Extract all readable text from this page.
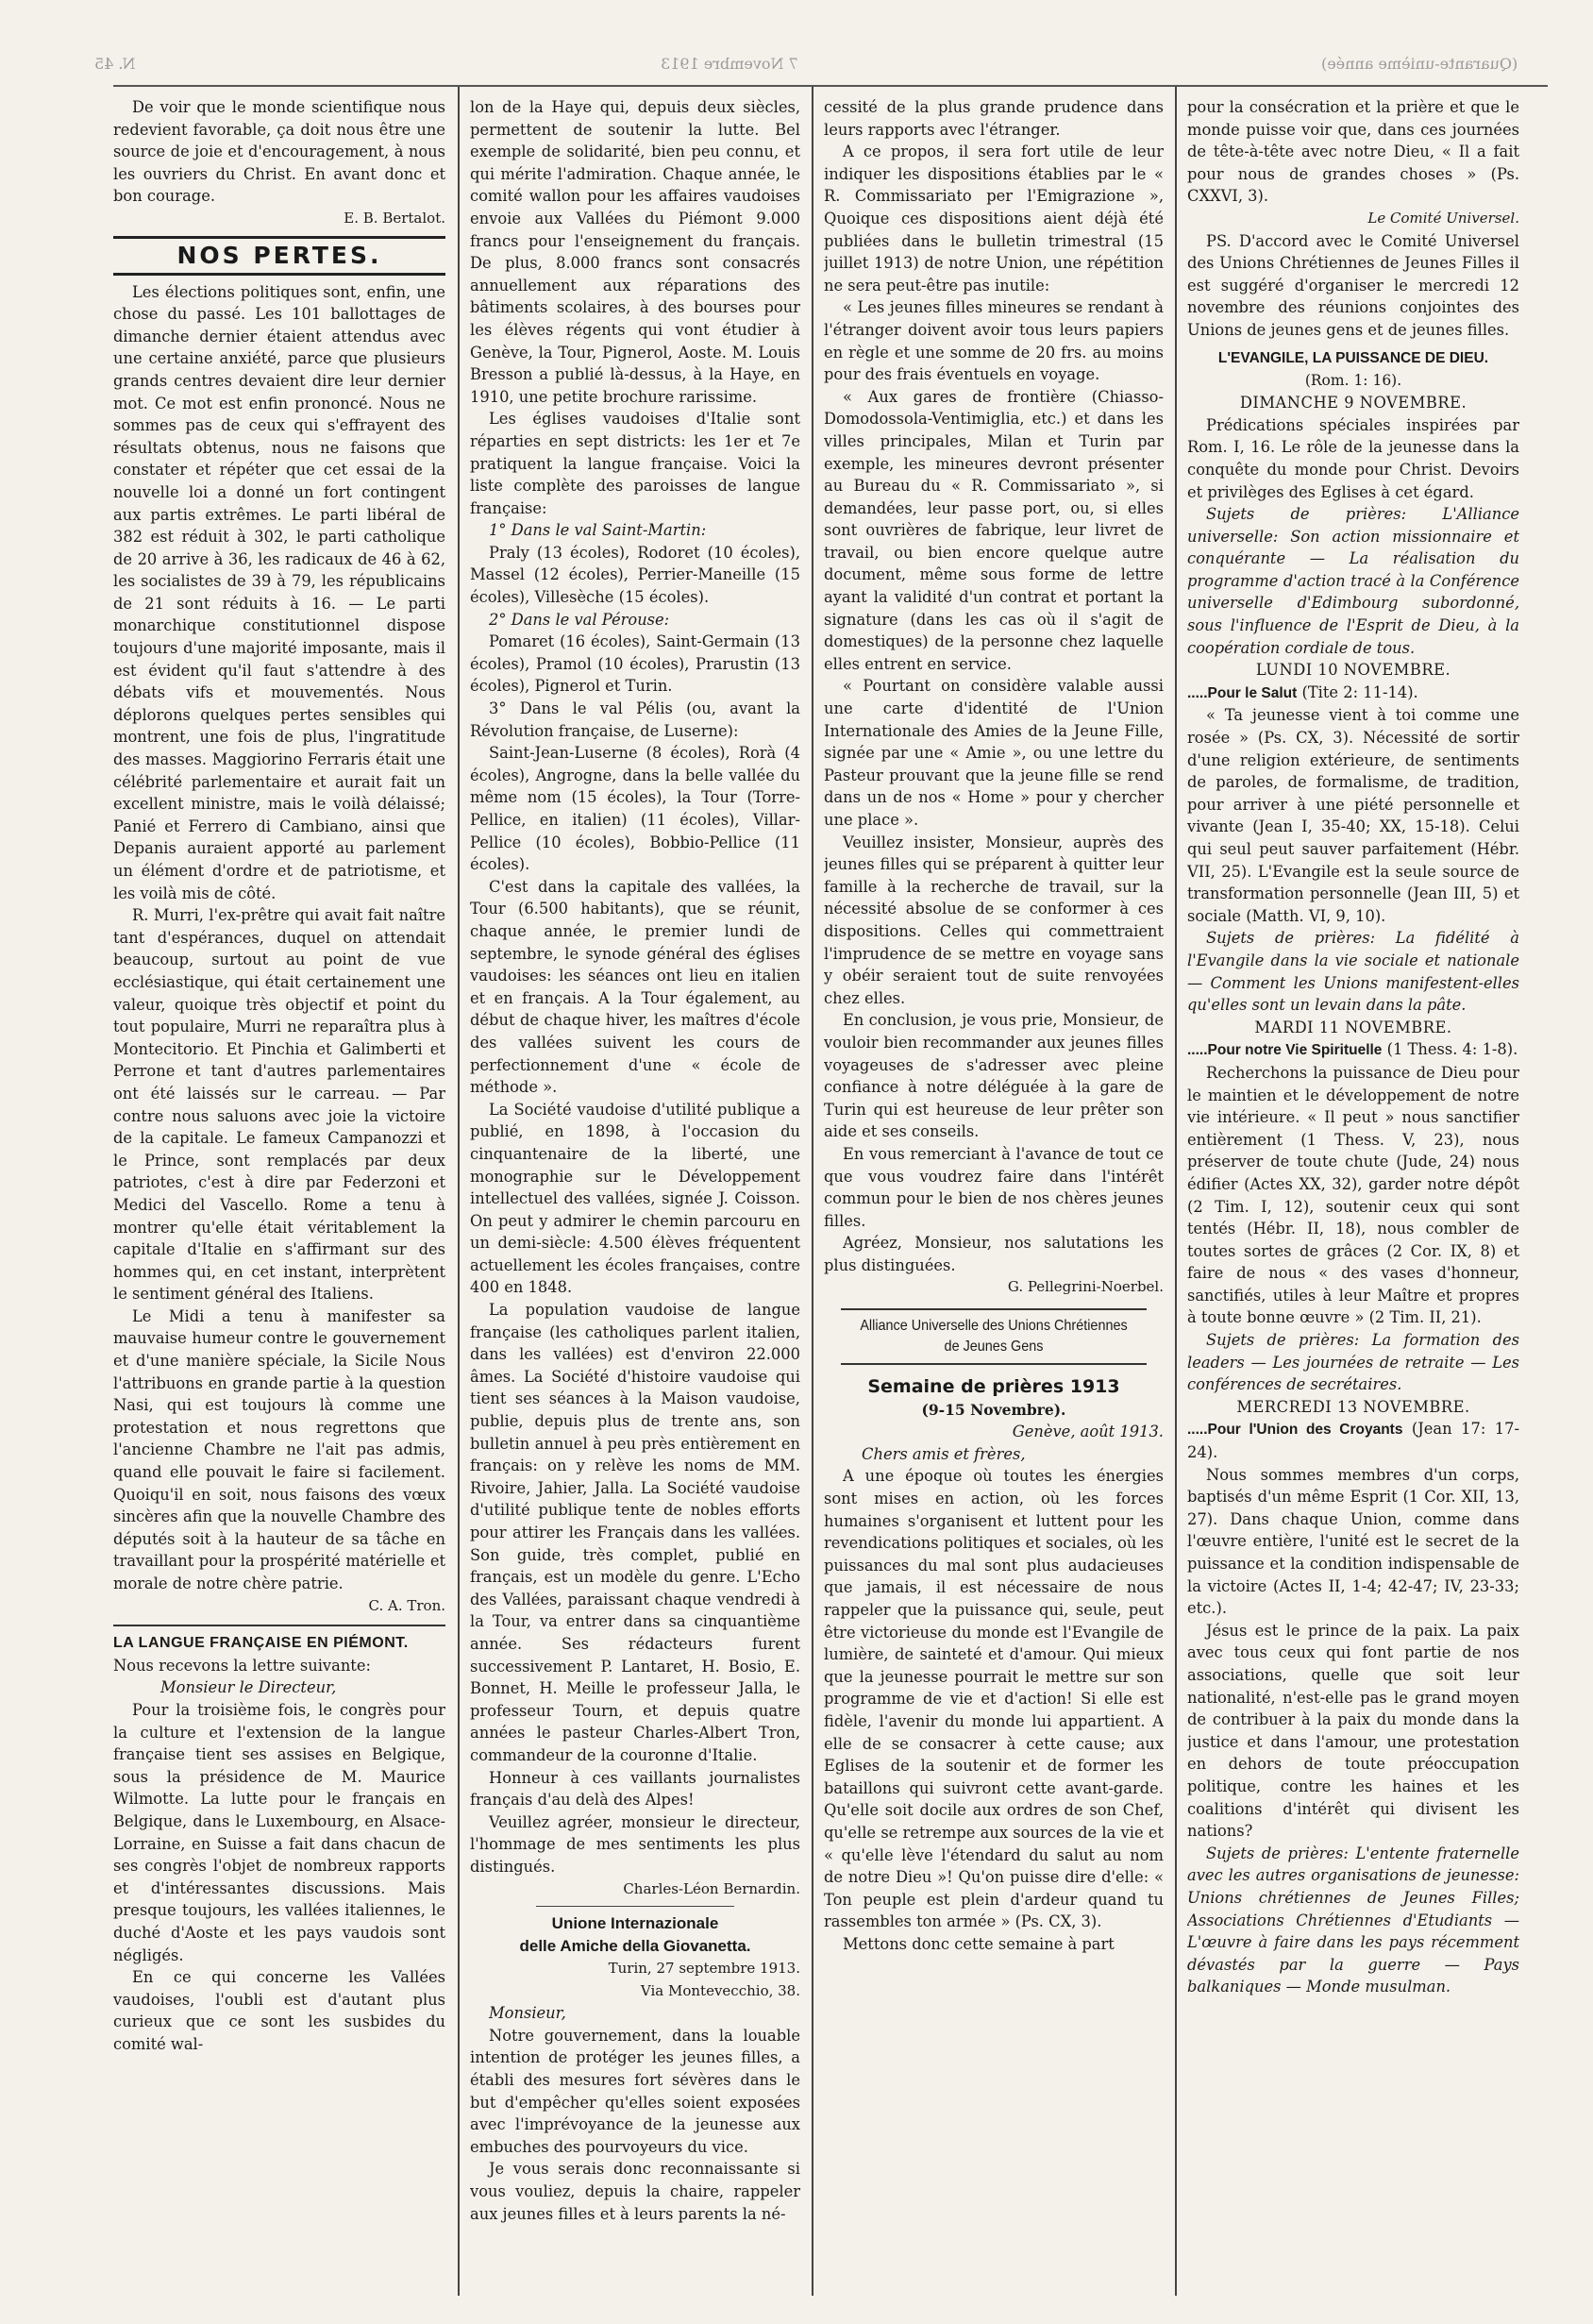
N. 45	7 Novembre 1913	(Quarante-unième année)

De voir que le monde scientifique nous redevient favorable, ça doit nous être une source de joie et d'encouragement, à nous les ouvriers du Christ. En avant donc et bon courage.

E. B. Bertalot.

NOS PERTES.

Les élections politiques sont, enfin, une chose du passé. Les 101 ballottages de dimanche dernier étaient attendus avec une certaine anxiété, parce que plusieurs grands centres devaient dire leur dernier mot. Ce mot est enfin prononcé. Nous ne sommes pas de ceux qui s'effrayent des résultats obtenus, nous ne faisons que constater et répéter que cet essai de la nouvelle loi a donné un fort contingent aux partis extrêmes. Le parti libéral de 382 est réduit à 302, le parti catholique de 20 arrive à 36, les radicaux de 46 à 62, les socialistes de 39 à 79, les républicains de 21 sont réduits à 16. — Le parti monarchique constitutionnel dispose toujours d'une majorité imposante, mais il est évident qu'il faut s'attendre à des débats vifs et mouvementés. Nous déplorons quelques pertes sensibles qui montrent, une fois de plus, l'ingratitude des masses. Maggiorino Ferraris était une célébrité parlementaire et aurait fait un excellent ministre, mais le voilà délaissé; Panié et Ferrero di Cambiano, ainsi que Depanis auraient apporté au parlement un élément d'ordre et de patriotisme, et les voilà mis de côté.

R. Murri, l'ex-prêtre qui avait fait naître tant d'espérances, duquel on attendait beaucoup, surtout au point de vue ecclésiastique, qui était certainement une valeur, quoique très objectif et point du tout populaire, Murri ne reparaîtra plus à Montecitorio. Et Pinchia et Galimberti et Perrone et tant d'autres parlementaires ont été laissés sur le carreau. — Par contre nous saluons avec joie la victoire de la capitale. Le fameux Campanozzi et le Prince, sont remplacés par deux patriotes, c'est à dire par Federzoni et Medici del Vascello. Rome a tenu à montrer qu'elle était véritablement la capitale d'Italie en s'affirmant sur des hommes qui, en cet instant, interprètent le sentiment général des Italiens.

Le Midi a tenu à manifester sa mauvaise humeur contre le gouvernement et d'une manière spéciale, la Sicile Nous l'attribuons en grande partie à la question Nasi, qui est toujours là comme une protestation et nous regrettons que l'ancienne Chambre ne l'ait pas admis, quand elle pouvait le faire si facilement. Quoiqu'il en soit, nous faisons des vœux sincères afin que la nouvelle Chambre des députés soit à la hauteur de sa tâche en travaillant pour la prospérité matérielle et morale de notre chère patrie.

C. A. Tron.

LA LANGUE FRANÇAISE EN PIÉMONT.

Nous recevons la lettre suivante:

Monsieur le Directeur,

Pour la troisième fois, le congrès pour la culture et l'extension de la langue française tient ses assises en Belgique, sous la présidence de M. Maurice Wilmotte. La lutte pour le français en Belgique, dans le Luxembourg, en Alsace-Lorraine, en Suisse a fait dans chacun de ses congrès l'objet de nombreux rapports et d'intéressantes discussions. Mais presque toujours, les vallées italiennes, le duché d'Aoste et les pays vaudois sont négligés.

En ce qui concerne les Vallées vaudoises, l'oubli est d'autant plus curieux que ce sont les susbides du comité wal-

lon de la Haye qui, depuis deux siècles, permettent de soutenir la lutte. Bel exemple de solidarité, bien peu connu, et qui mérite l'admiration. Chaque année, le comité wallon pour les affaires vaudoises envoie aux Vallées du Piémont 9.000 francs pour l'enseignement du français. De plus, 8.000 francs sont consacrés annuellement aux réparations des bâtiments scolaires, à des bourses pour les élèves régents qui vont étudier à Genève, la Tour, Pignerol, Aoste. M. Louis Bresson a publié là-dessus, à la Haye, en 1910, une petite brochure rarissime.

Les églises vaudoises d'Italie sont réparties en sept districts: les 1er et 7e pratiquent la langue française. Voici la liste complète des paroisses de langue française:

1° Dans le val Saint-Martin:

Praly (13 écoles), Rodoret (10 écoles), Massel (12 écoles), Perrier-Maneille (15 écoles), Villesèche (15 écoles).

2° Dans le val Pérouse:

Pomaret (16 écoles), Saint-Germain (13 écoles), Pramol (10 écoles), Prarustin (13 écoles), Pignerol et Turin.

3° Dans le val Pélis (ou, avant la Révolution française, de Luserne):

Saint-Jean-Luserne (8 écoles), Rorà (4 écoles), Angrogne, dans la belle vallée du même nom (15 écoles), la Tour (Torre-Pellice, en italien) (11 écoles), Villar-Pellice (10 écoles), Bobbio-Pellice (11 écoles).

C'est dans la capitale des vallées, la Tour (6.500 habitants), que se réunit, chaque année, le premier lundi de septembre, le synode général des églises vaudoises: les séances ont lieu en italien et en français. A la Tour également, au début de chaque hiver, les maîtres d'école des vallées suivent les cours de perfectionnement d'une « école de méthode ».

La Société vaudoise d'utilité publique a publié, en 1898, à l'occasion du cinquantenaire de la liberté, une monographie sur le Développement intellectuel des vallées, signée J. Coisson. On peut y admirer le chemin parcouru en un demi-siècle: 4.500 élèves fréquentent actuellement les écoles françaises, contre 400 en 1848.

La population vaudoise de langue française (les catholiques parlent italien, dans les vallées) est d'environ 22.000 âmes. La Société d'histoire vaudoise qui tient ses séances à la Maison vaudoise, publie, depuis plus de trente ans, son bulletin annuel à peu près entièrement en français: on y relève les noms de MM. Rivoire, Jahier, Jalla. La Société vaudoise d'utilité publique tente de nobles efforts pour attirer les Français dans les vallées. Son guide, très complet, publié en français, est un modèle du genre. L'Echo des Vallées, paraissant chaque vendredi à la Tour, va entrer dans sa cinquantième année. Ses rédacteurs furent successivement P. Lantaret, H. Bosio, E. Bonnet, H. Meille le professeur Jalla, le professeur Tourn, et depuis quatre années le pasteur Charles-Albert Tron, commandeur de la couronne d'Italie.

Honneur à ces vaillants journalistes français d'au delà des Alpes!

Veuillez agréer, monsieur le directeur, l'hommage de mes sentiments les plus distingués.

Charles-Léon Bernardin.

Unione Internazionale
delle Amiche della Giovanetta.

Turin, 27 septembre 1913.

Via Montevecchio, 38.

Monsieur,

Notre gouvernement, dans la louable intention de protéger les jeunes filles, a établi des mesures fort sévères dans le but d'empêcher qu'elles soient exposées avec l'imprévoyance de la jeunesse aux embuches des pourvoyeurs du vice.

Je vous serais donc reconnaissante si vous vouliez, depuis la chaire, rappeler aux jeunes filles et à leurs parents la né-

cessité de la plus grande prudence dans leurs rapports avec l'étranger.

A ce propos, il sera fort utile de leur indiquer les dispositions établies par le « R. Commissariato per l'Emigrazione », Quoique ces dispositions aient déjà été publiées dans le bulletin trimestral (15 juillet 1913) de notre Union, une répétition ne sera peut-être pas inutile:

« Les jeunes filles mineures se rendant à l'étranger doivent avoir tous leurs papiers en règle et une somme de 20 frs. au moins pour des frais éventuels en voyage.

« Aux gares de frontière (Chiasso-Domodossola-Ventimiglia, etc.) et dans les villes principales, Milan et Turin par exemple, les mineures devront présenter au Bureau du « R. Commissariato », si demandées, leur passe port, ou, si elles sont ouvrières de fabrique, leur livret de travail, ou bien encore quelque autre document, même sous forme de lettre ayant la validité d'un contrat et portant la signature (dans les cas où il s'agit de domestiques) de la personne chez laquelle elles entrent en service.

« Pourtant on considère valable aussi une carte d'identité de l'Union Internationale des Amies de la Jeune Fille, signée par une « Amie », ou une lettre du Pasteur prouvant que la jeune fille se rend dans un de nos « Home » pour y chercher une place ».

Veuillez insister, Monsieur, auprès des jeunes filles qui se préparent à quitter leur famille à la recherche de travail, sur la nécessité absolue de se conformer à ces dispositions. Celles qui commettraient l'imprudence de se mettre en voyage sans y obéir seraient tout de suite renvoyées chez elles.

En conclusion, je vous prie, Monsieur, de vouloir bien recommander aux jeunes filles voyageuses de s'adresser avec pleine confiance à notre déléguée à la gare de Turin qui est heureuse de leur prêter son aide et ses conseils.

En vous remerciant à l'avance de tout ce que vous voudrez faire dans l'intérêt commun pour le bien de nos chères jeunes filles.

Agréez, Monsieur, nos salutations les plus distinguées.

G. Pellegrini-Noerbel.

Alliance Universelle des Unions Chrétiennes
de Jeunes Gens
Semaine de prières 1913

(9-15 Novembre).

Genève, août 1913.

Chers amis et frères,

A une époque où toutes les énergies sont mises en action, où les forces humaines s'organisent et luttent pour les revendications politiques et sociales, où les puissances du mal sont plus audacieuses que jamais, il est nécessaire de nous rappeler que la puissance qui, seule, peut être victorieuse du monde est l'Evangile de lumière, de sainteté et d'amour. Qui mieux que la jeunesse pourrait le mettre sur son programme de vie et d'action! Si elle est fidèle, l'avenir du monde lui appartient. A elle de se consacrer à cette cause; aux Eglises de la soutenir et de former les bataillons qui suivront cette avant-garde. Qu'elle soit docile aux ordres de son Chef, qu'elle se retrempe aux sources de la vie et « qu'elle lève l'étendard du salut au nom de notre Dieu »! Qu'on puisse dire d'elle: « Ton peuple est plein d'ardeur quand tu rassembles ton armée » (Ps. CX, 3).

Mettons donc cette semaine à part

pour la consécration et la prière et que le monde puisse voir que, dans ces journées de tête-à-tête avec notre Dieu, « Il a fait pour nous de grandes choses » (Ps. CXXVI, 3).

Le Comité Universel.

PS. D'accord avec le Comité Universel des Unions Chrétiennes de Jeunes Filles il est suggéré d'organiser le mercredi 12 novembre des réunions conjointes des Unions de jeunes gens et de jeunes filles.

L'EVANGILE, LA PUISSANCE DE DIEU.

(Rom. 1: 16).

DIMANCHE 9 NOVEMBRE.

Prédications spéciales inspirées par Rom. I, 16. Le rôle de la jeunesse dans la conquête du monde pour Christ. Devoirs et privilèges des Eglises à cet égard.

Sujets de prières: L'Alliance universelle: Son action missionnaire et conquérante — La réalisation du programme d'action tracé à la Conférence universelle d'Edimbourg subordonné, sous l'influence de l'Esprit de Dieu, à la coopération cordiale de tous.

LUNDI 10 NOVEMBRE.

.....Pour le Salut (Tite 2: 11-14).

« Ta jeunesse vient à toi comme une rosée » (Ps. CX, 3). Nécessité de sortir d'une religion extérieure, de sentiments de paroles, de formalisme, de tradition, pour arriver à une piété personnelle et vivante (Jean I, 35-40; XX, 15-18). Celui qui seul peut sauver parfaitement (Hébr. VII, 25). L'Evangile est la seule source de transformation personnelle (Jean III, 5) et sociale (Matth. VI, 9, 10).

Sujets de prières: La fidélité à l'Evangile dans la vie sociale et nationale — Comment les Unions manifestent-elles qu'elles sont un levain dans la pâte.

MARDI 11 NOVEMBRE.

.....Pour notre Vie Spirituelle (1 Thess. 4: 1-8).

Recherchons la puissance de Dieu pour le maintien et le développement de notre vie intérieure. « Il peut » nous sanctifier entièrement (1 Thess. V, 23), nous préserver de toute chute (Jude, 24) nous édifier (Actes XX, 32), garder notre dépôt (2 Tim. I, 12), soutenir ceux qui sont tentés (Hébr. II, 18), nous combler de toutes sortes de grâces (2 Cor. IX, 8) et faire de nous « des vases d'honneur, sanctifiés, utiles à leur Maître et propres à toute bonne œuvre » (2 Tim. II, 21).

Sujets de prières: La formation des leaders — Les journées de retraite — Les conférences de secrétaires.

MERCREDI 13 NOVEMBRE.

.....Pour l'Union des Croyants (Jean 17: 17-24).

Nous sommes membres d'un corps, baptisés d'un même Esprit (1 Cor. XII, 13, 27). Dans chaque Union, comme dans l'œuvre entière, l'unité est le secret de la puissance et la condition indispensable de la victoire (Actes II, 1-4; 42-47; IV, 23-33; etc.).

Jésus est le prince de la paix. La paix avec tous ceux qui font partie de nos associations, quelle que soit leur nationalité, n'est-elle pas le grand moyen de contribuer à la paix du monde dans la justice et dans l'amour, une protestation en dehors de toute préoccupation politique, contre les haines et les coalitions d'intérêt qui divisent les nations?

Sujets de prières: L'entente fraternelle avec les autres organisations de jeunesse: Unions chrétiennes de Jeunes Filles; Associations Chrétiennes d'Etudiants — L'œuvre à faire dans les pays récemment dévastés par la guerre — Pays balkaniques — Monde musulman.
